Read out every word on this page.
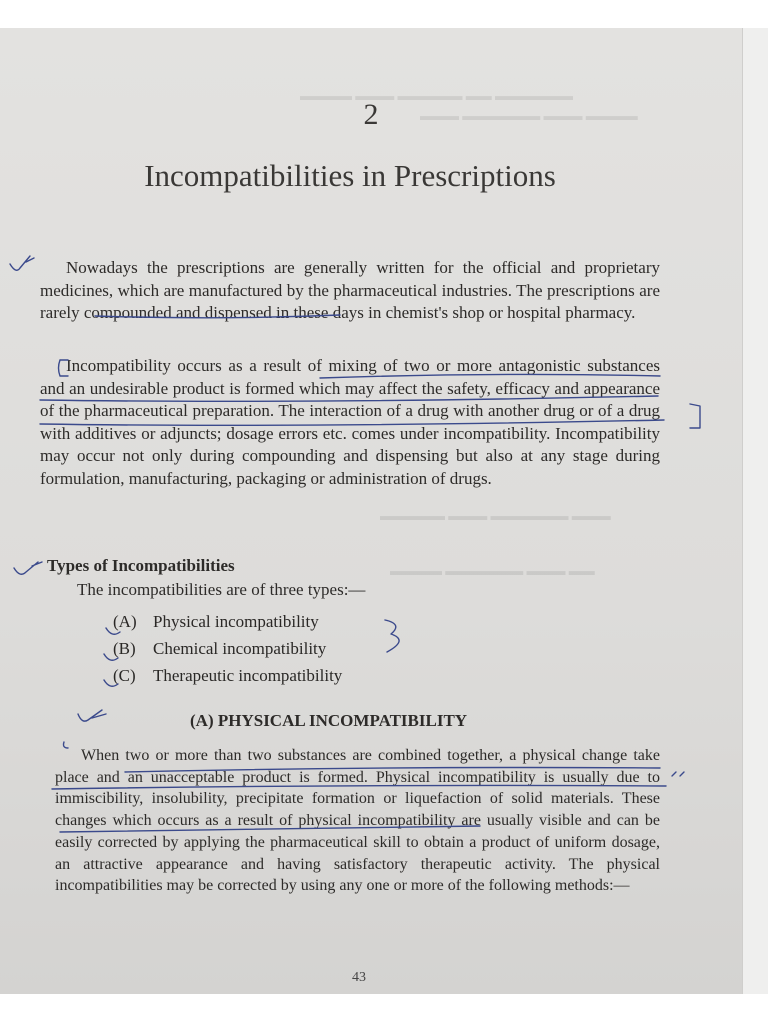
▬▬▬▬ ▬▬▬ ▬▬▬▬▬ ▬▬ ▬▬▬▬▬▬
▬▬▬ ▬▬▬▬▬▬ ▬▬▬ ▬▬▬▬
▬▬▬▬▬ ▬▬▬ ▬▬▬▬▬▬ ▬▬▬
▬▬▬▬ ▬▬▬▬▬▬ ▬▬▬ ▬▬
2
Incompatibilities in Prescriptions
Nowadays the prescriptions are generally written for the official and proprietary medicines, which are manufactured by the pharmaceutical industries. The prescriptions are rarely compounded and dispensed in these days in chemist's shop or hospital pharmacy.
Incompatibility occurs as a result of mixing of two or more antagonistic substances and an undesirable product is formed which may affect the safety, efficacy and appearance of the pharmaceutical preparation. The interaction of a drug with another drug or of a drug with additives or adjuncts; dosage errors etc. comes under incompatibility. Incompatibility may occur not only during compounding and dispensing but also at any stage during formulation, manufacturing, packaging or administration of drugs.
Types of Incompatibilities
The incompatibilities are of three types:—
(A) Physical incompatibility
(B) Chemical incompatibility
(C) Therapeutic incompatibility
(A) PHYSICAL INCOMPATIBILITY
When two or more than two substances are combined together, a physical change take place and an unacceptable product is formed. Physical incompatibility is usually due to immiscibility, insolubility, precipitate formation or liquefaction of solid materials. These changes which occurs as a result of physical incompatibility are usually visible and can be easily corrected by applying the pharmaceutical skill to obtain a product of uniform dosage, an attractive appearance and having satisfactory therapeutic activity. The physical incompatibilities may be corrected by using any one or more of the following methods:—
43
